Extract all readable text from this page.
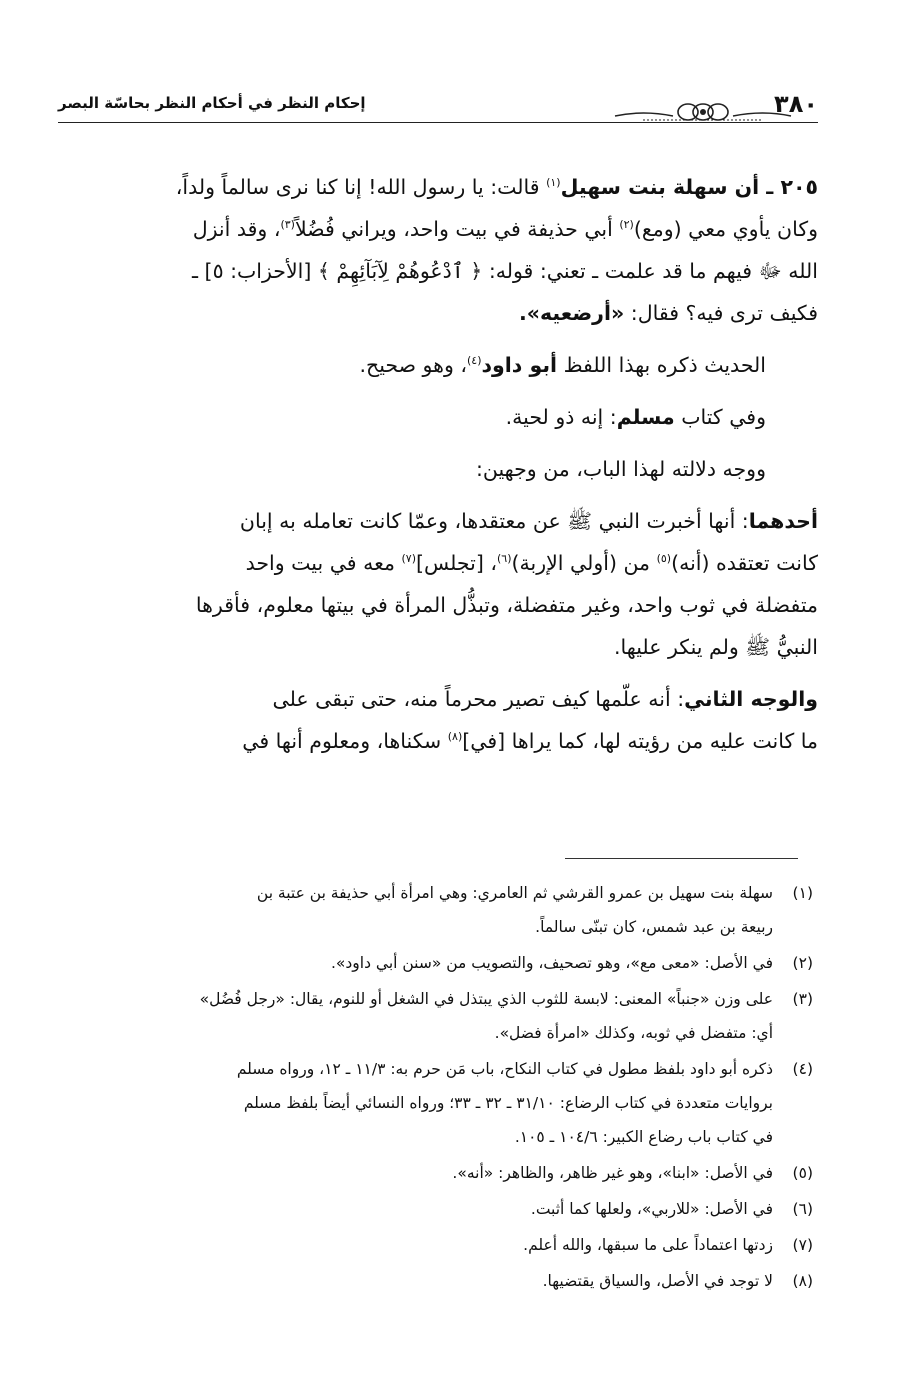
إحكام النظر في أحكام النظر بحاسّة البصر	٣٨٠

٢٠٥ ـ أن سهلة بنت سهيل$^{(١)}$ قالت: يا رسول الله! إنا كنا نرى سالماً ولداً،

وكان يأوي معي (ومع)$^{(٢)}$ أبي حذيفة في بيت واحد، ويراني فُضُلاً$^{(٣)}$، وقد أنزل

الله ﷻ فيهم ما قد علمت ـ تعني: قوله: ﴿ ٱدْعُوهُمْ لِآبَآئِهِمْ ﴾ [الأحزاب: ٥] ـ

فكيف ترى فيه؟ فقال: «أرضعيه».

الحديث ذكره بهذا اللفظ أبو داود$^{(٤)}$، وهو صحيح.

وفي كتاب مسلم: إنه ذو لحية.

ووجه دلالته لهذا الباب، من وجهين:

أحدهما: أنها أخبرت النبي ﷺ عن معتقدها، وعمّا كانت تعامله به إبان

كانت تعتقده (أنه)$^{(٥)}$ من (أولي الإربة)$^{(٦)}$، [تجلس]$^{(٧)}$ معه في بيت واحد

متفضلة في ثوب واحد، وغير متفضلة، وتبذُّل المرأة في بيتها معلوم، فأقرها

النبيُّ ﷺ ولم ينكر عليها.

والوجه الثاني: أنه علّمها كيف تصير محرماً منه، حتى تبقى على

ما كانت عليه من رؤيته لها، كما يراها [في]$^{(٨)}$ سكناها، ومعلوم أنها في

(١)سهلة بنت سهيل بن عمرو القرشي ثم العامري: وهي امرأة أبي حذيفة بن عتبة بن
ربيعة بن عبد شمس، كان تبنّى سالماً.
(٢)في الأصل: «معى مع»، وهو تصحيف، والتصويب من «سنن أبي داود».
(٣)على وزن «جنباً» المعنى: لابسة للثوب الذي يبتذل في الشغل أو للنوم، يقال: «رجل فُضُل»
أي: متفضل في ثوبه، وكذلك «امرأة فضل».
(٤)ذكره أبو داود بلفظ مطول في كتاب النكاح، باب مَن حرم به: ١١/٣ ـ ١٢، ورواه مسلم
بروايات متعددة في كتاب الرضاع: ٣١/١٠ ـ ٣٢ ـ ٣٣؛ ورواه النسائي أيضاً بلفظ مسلم
في كتاب باب رضاع الكبير: ١٠٤/٦ ـ ١٠٥.
(٥)في الأصل: «ابنا»، وهو غير ظاهر، والظاهر: «أنه».
(٦)في الأصل: «للاربي»، ولعلها كما أثبت.
(٧)زدتها اعتماداً على ما سبقها، والله أعلم.
(٨)لا توجد في الأصل، والسياق يقتضيها.
